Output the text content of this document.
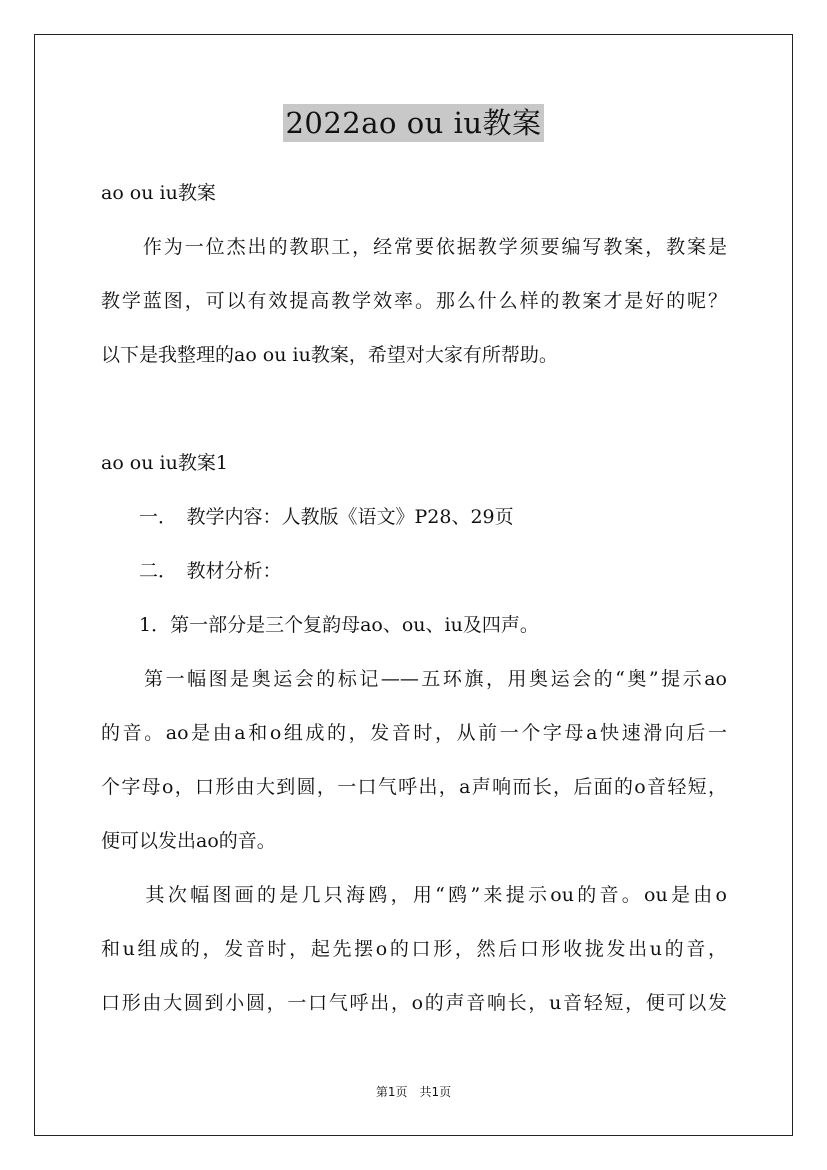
2022ao ou iu教案
ao ou iu教案
　　作为一位杰出的教职工，经常要依据教学须要编写教案，教案是
教学蓝图，可以有效提高教学效率。那么什么样的教案才是好的呢？
以下是我整理的ao ou iu教案，希望对大家有所帮助。
ao ou iu教案1
　　一．　教学内容：人教版《语文》P28、29页
　　二．　教材分析：
　　1．第一部分是三个复韵母ao、ou、iu及四声。
　　第一幅图是奥运会的标记——五环旗，用奥运会的“奥”提示ao
的音。ao是由a和o组成的，发音时，从前一个字母a快速滑向后一
个字母o，口形由大到圆，一口气呼出，a声响而长，后面的o音轻短，
便可以发出ao的音。
　　其次幅图画的是几只海鸥，用“鸥”来提示ou的音。ou是由o
和u组成的，发音时，起先摆o的口形，然后口形收拢发出u的音，
口形由大圆到小圆，一口气呼出，o的声音响长，u音轻短，便可以发
第1页　共1页
